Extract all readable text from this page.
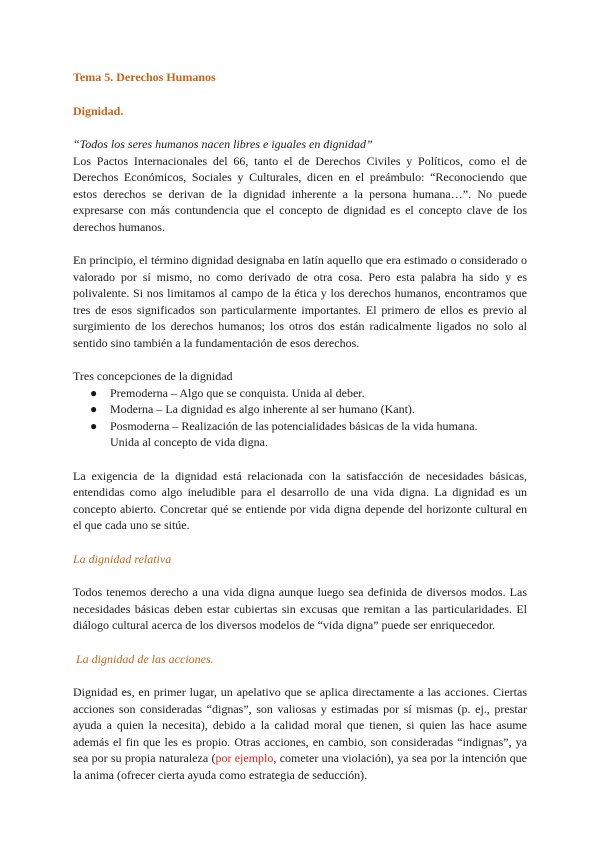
Tema 5. Derechos Humanos

Dignidad.

“Todos los seres humanos nacen libres e iguales en dignidad”

Los Pactos Internacionales del 66, tanto el de Derechos Civiles y Políticos, como el de Derechos Económicos, Sociales y Culturales, dicen en el preámbulo: “Reconociendo que estos derechos se derivan de la dignidad inherente a la persona humana…”. No puede expresarse con más contundencia que el concepto de dignidad es el concepto clave de los derechos humanos.

En principio, el término dignidad designaba en latín aquello que era estimado o considerado o valorado por sí mismo, no como derivado de otra cosa. Pero esta palabra ha sido y es polivalente. Si nos limitamos al campo de la ética y los derechos humanos, encontramos que tres de esos significados son particularmente importantes. El primero de ellos es previo al surgimiento de los derechos humanos; los otros dos están radicalmente ligados no solo al sentido sino también a la fundamentación de esos derechos.

Tres concepciones de la dignidad

● Premoderna – Algo que se conquista. Unida al deber.
● Moderna – La dignidad es algo inherente al ser humano (Kant).
● Posmoderna – Realización de las potencialidades básicas de la vida humana. Unida al concepto de vida digna.

La exigencia de la dignidad está relacionada con la satisfacción de necesidades básicas, entendidas como algo ineludible para el desarrollo de una vida digna. La dignidad es un concepto abierto. Concretar qué se entiende por vida digna depende del horizonte cultural en el que cada uno se sitúe.

La dignidad relativa

Todos tenemos derecho a una vida digna aunque luego sea definida de diversos modos. Las necesidades básicas deben estar cubiertas sin excusas que remitan a las particularidades. El diálogo cultural acerca de los diversos modelos de “vida digna” puede ser enriquecedor.

La dignidad de las acciones.

Dignidad es, en primer lugar, un apelativo que se aplica directamente a las acciones. Ciertas acciones son consideradas “dignas”, son valiosas y estimadas por sí mismas (p. ej., prestar ayuda a quien la necesita), debido a la calidad moral que tienen, si quien las hace asume además el fin que les es propio. Otras acciones, en cambio, son consideradas “indignas”, ya sea por su propia naturaleza (por ejemplo, cometer una violación), ya sea por la intención que la anima (ofrecer cierta ayuda como estrategia de seducción).
